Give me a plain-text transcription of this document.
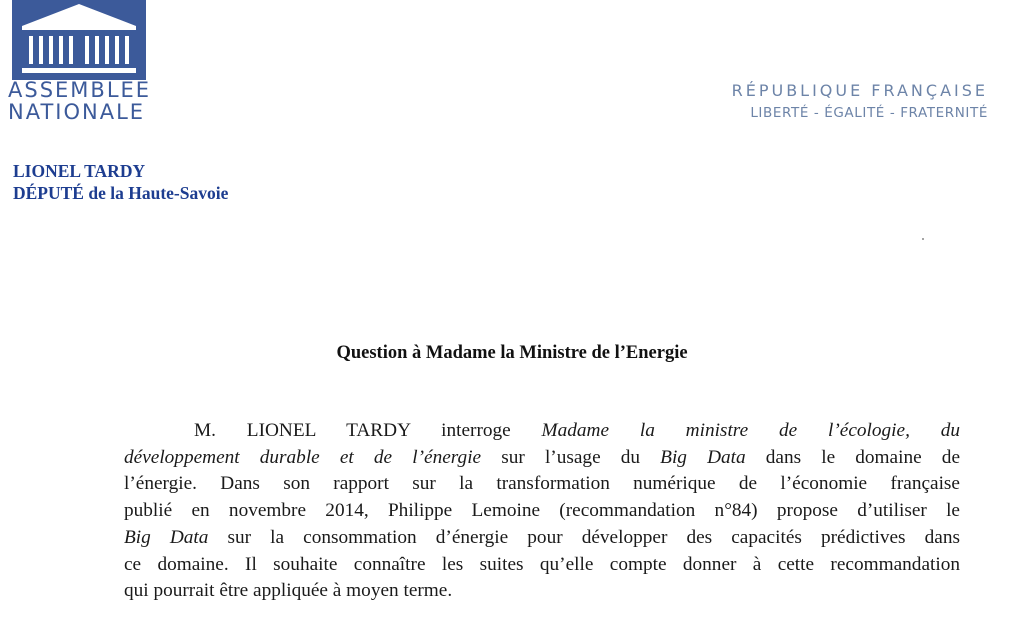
ASSEMBLÉE
NATIONALE
RÉPUBLIQUE FRANÇAISE
LIBERTÉ - ÉGALITÉ - FRATERNITÉ
LIONEL TARDY
DÉPUTÉ de la Haute-Savoie
Question à Madame la Ministre de l’Energie
M. LIONEL TARDY interroge Madame la ministre de l’écologie, du
développement durable et de l’énergie sur l’usage du Big Data dans le domaine de
l’énergie. Dans son rapport sur la transformation numérique de l’économie française
publié en novembre 2014, Philippe Lemoine (recommandation n°84) propose d’utiliser le
Big Data sur la consommation d’énergie pour développer des capacités prédictives dans
ce domaine. Il souhaite connaître les suites qu’elle compte donner à cette recommandation
qui pourrait être appliquée à moyen terme.
